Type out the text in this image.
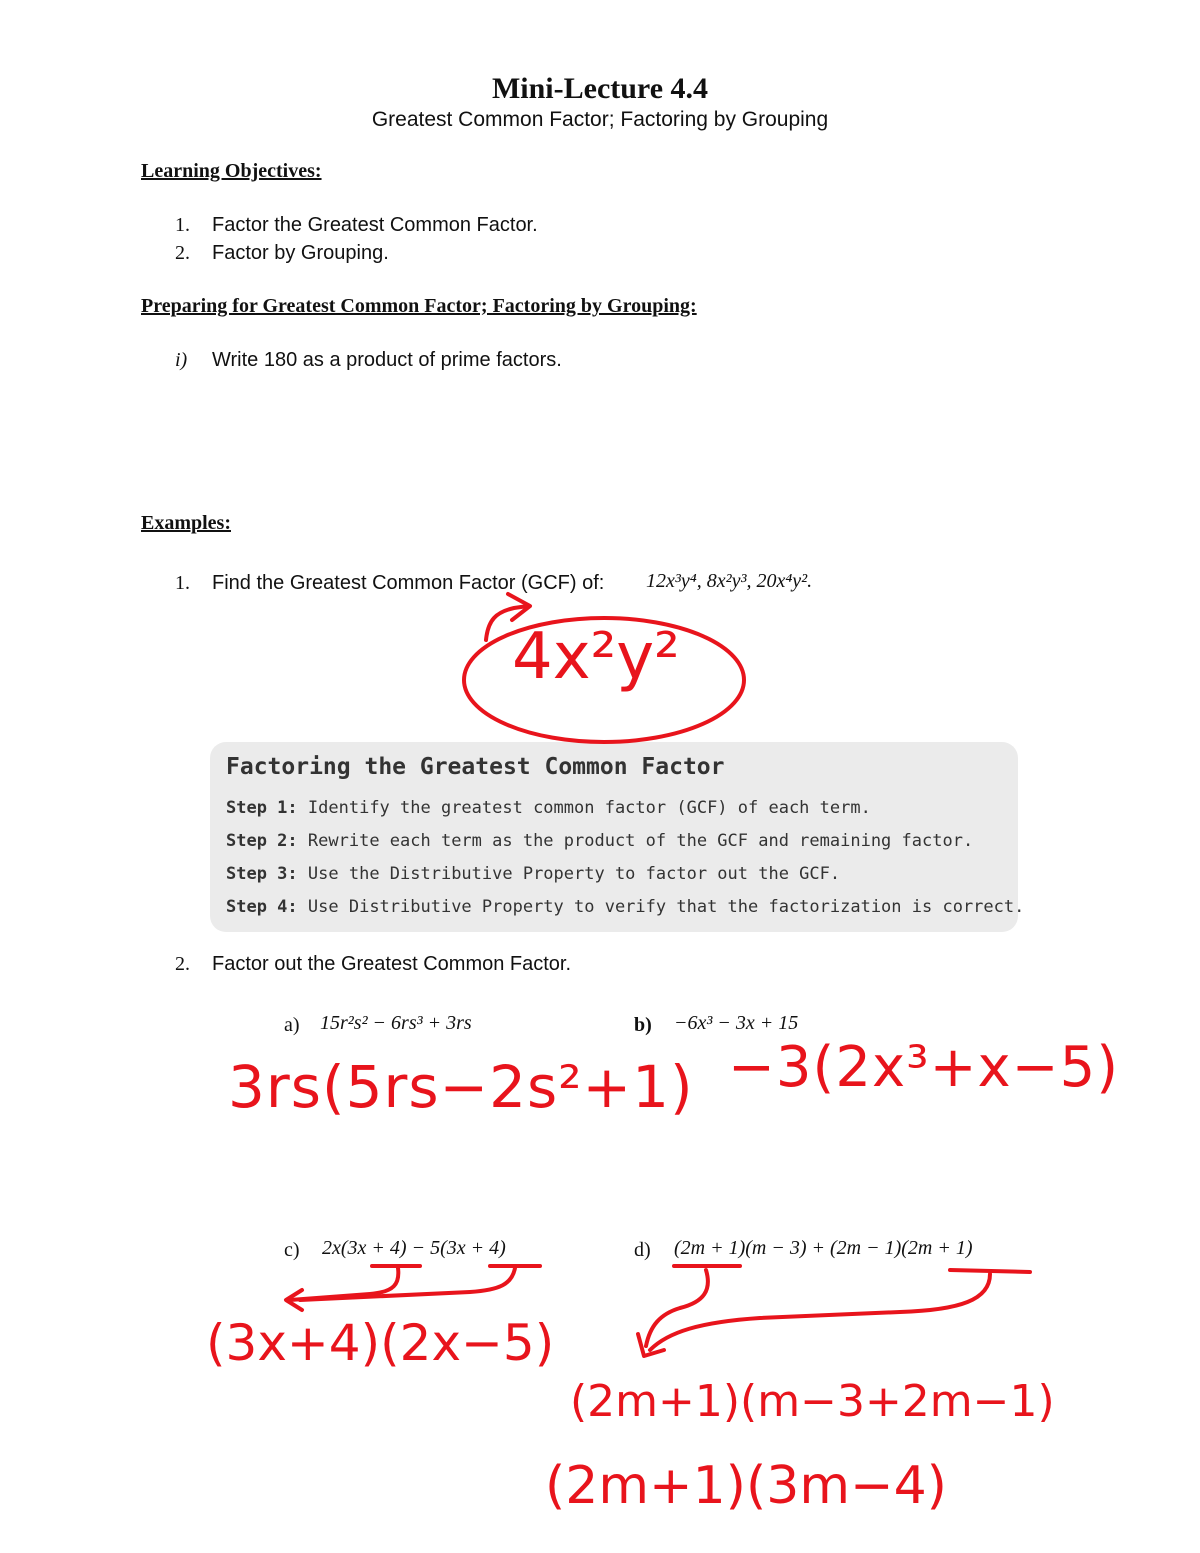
Mini-Lecture 4.4
Greatest Common Factor; Factoring by Grouping
Learning Objectives:
1. Factor the Greatest Common Factor.
2. Factor by Grouping.
Preparing for Greatest Common Factor; Factoring by Grouping:
i) Write 180 as a product of prime factors.
Examples:
1. Find the Greatest Common Factor (GCF) of: 12x³y⁴, 8x²y³, 20x⁴y².
4x²y²
Factoring the Greatest Common Factor
Step 1: Identify the greatest common factor (GCF) of each term.
Step 2: Rewrite each term as the product of the GCF and remaining factor.
Step 3: Use the Distributive Property to factor out the GCF.
Step 4: Use Distributive Property to verify that the factorization is correct.
2. Factor out the Greatest Common Factor.
a) 15r²s² − 6rs³ + 3rs	b) −6x³ − 3x + 15
3rs(5rs−2s²+1) −3(2x³+x−5)
c) 2x(3x + 4) − 5(3x + 4)	d) (2m + 1)(m − 3) + (2m − 1)(2m + 1)
(3x+4)(2x−5)
(2m+1)(m−3+2m−1)
(2m+1)(3m−4)
